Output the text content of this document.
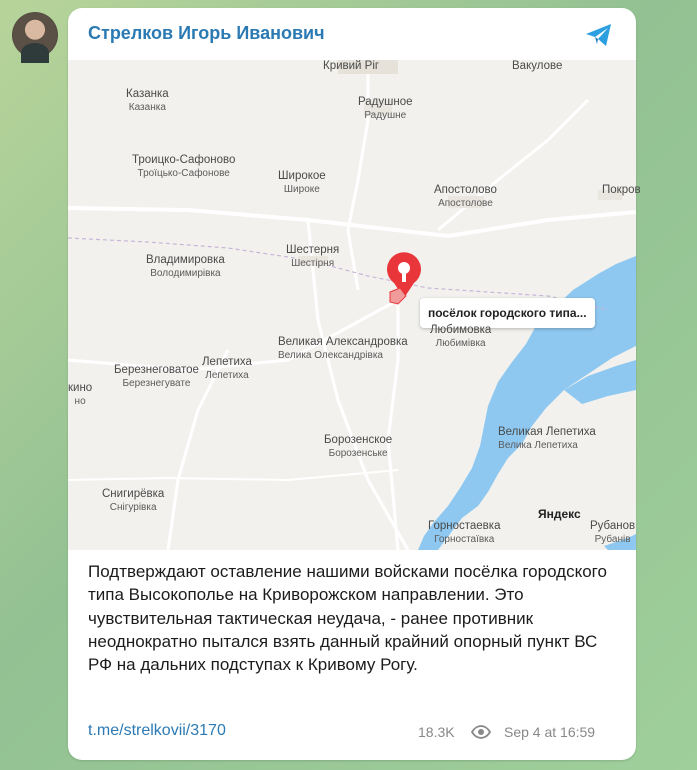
Стрелков Игорь Иванович
Яндекс
посёлок городского типа...
Кривий Ріг	Вакулове
Казанка
Казанка	Радушное
Радушне
Троицко-Сафоново
Троїцько-Сафонове	Широкое
Широке	Апостолово
Апостолове
Покров
Владимировка
Володимирівка
Шестерня
Шестірня
Любимовка
Любимівка
Великая Александровка
Велика Олександрівка
Березнеговатое
Березнегувате
Лепетиха
Лепетиха
кино
но
Борозенское
Борозенське
Великая Лепетиха
Велика Лепетиха
Снигирёвка
Снігурівка
Горностаевка
Горностаївка
Рубанов
Рубанів
Подтверждают оставление нашими войсками посёлка городского типа Высокополье на Криворожском направлении. Это чувствительная тактическая неудача, - ранее противник неоднократно пытался взять данный крайний опорный пункт ВС РФ на дальних подступах к Кривому Рогу.
t.me/strelkovii/3170	18.3K	Sep 4 at 16:59
